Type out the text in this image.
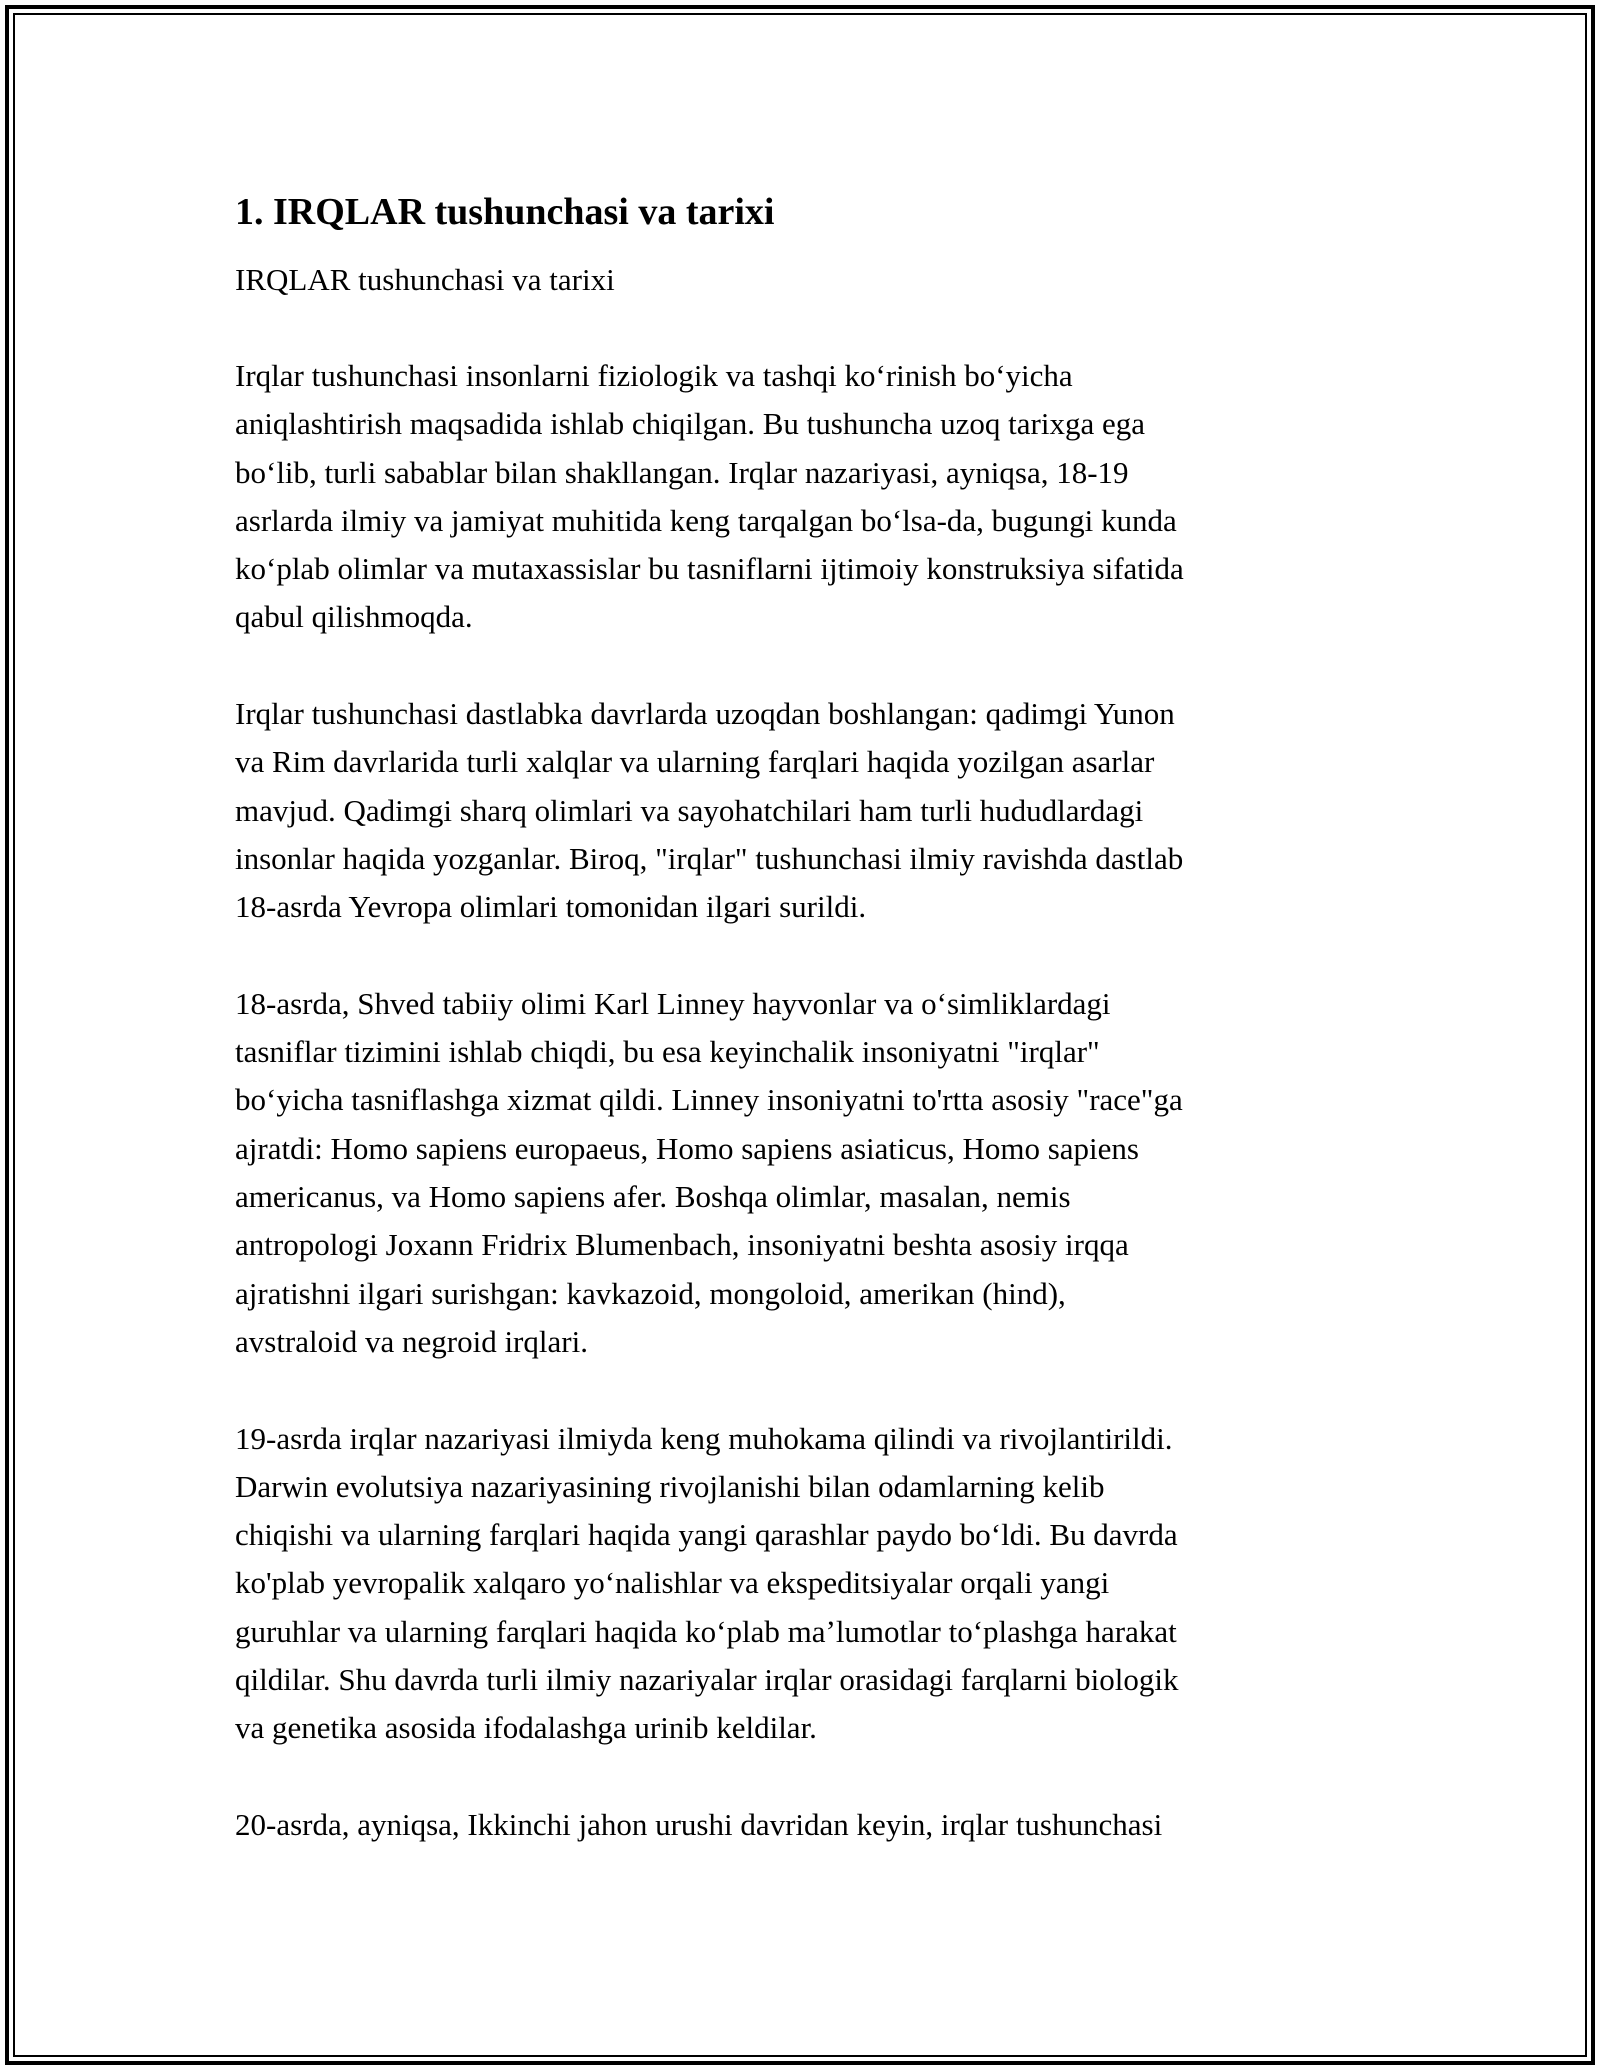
1. IRQLAR tushunchasi va tarixi
IRQLAR tushunchasi va tarixi
Irqlar tushunchasi insonlarni fiziologik va tashqi koʻrinish boʻyicha
aniqlashtirish maqsadida ishlab chiqilgan. Bu tushuncha uzoq tarixga ega
boʻlib, turli sabablar bilan shakllangan. Irqlar nazariyasi, ayniqsa, 18-19
asrlarda ilmiy va jamiyat muhitida keng tarqalgan boʻlsa-da, bugungi kunda
koʻplab olimlar va mutaxassislar bu tasniflarni ijtimoiy konstruksiya sifatida
qabul qilishmoqda.
Irqlar tushunchasi dastlabka davrlarda uzoqdan boshlangan: qadimgi Yunon
va Rim davrlarida turli xalqlar va ularning farqlari haqida yozilgan asarlar
mavjud. Qadimgi sharq olimlari va sayohatchilari ham turli hududlardagi
insonlar haqida yozganlar. Biroq, "irqlar" tushunchasi ilmiy ravishda dastlab
18-asrda Yevropa olimlari tomonidan ilgari surildi.
18-asrda, Shved tabiiy olimi Karl Linney hayvonlar va oʻsimliklardagi
tasniflar tizimini ishlab chiqdi, bu esa keyinchalik insoniyatni "irqlar"
boʻyicha tasniflashga xizmat qildi. Linney insoniyatni to'rtta asosiy "race"ga
ajratdi: Homo sapiens europaeus, Homo sapiens asiaticus, Homo sapiens
americanus, va Homo sapiens afer. Boshqa olimlar, masalan, nemis
antropologi Joxann Fridrix Blumenbach, insoniyatni beshta asosiy irqqa
ajratishni ilgari surishgan: kavkazoid, mongoloid, amerikan (hind),
avstraloid va negroid irqlari.
19-asrda irqlar nazariyasi ilmiyda keng muhokama qilindi va rivojlantirildi.
Darwin evolutsiya nazariyasining rivojlanishi bilan odamlarning kelib
chiqishi va ularning farqlari haqida yangi qarashlar paydo boʻldi. Bu davrda
ko'plab yevropalik xalqaro yoʻnalishlar va ekspeditsiyalar orqali yangi
guruhlar va ularning farqlari haqida koʻplab maʼlumotlar toʻplashga harakat
qildilar. Shu davrda turli ilmiy nazariyalar irqlar orasidagi farqlarni biologik
va genetika asosida ifodalashga urinib keldilar.
20-asrda, ayniqsa, Ikkinchi jahon urushi davridan keyin, irqlar tushunchasi
